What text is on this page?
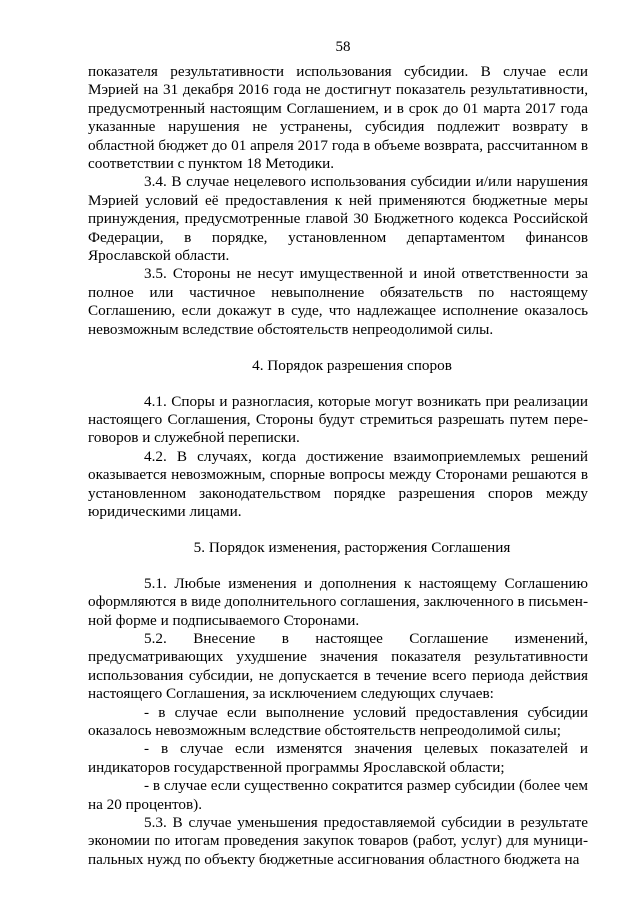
58

показателя результативности использования субсидии. В случае если Мэрией на 31 декабря 2016 года не достигнут показатель результативности, предусмотренный настоящим Соглашением, и в срок до 01 марта 2017 года указанные нарушения не устранены, субсидия подлежит возврату в областной бюджет до 01 апреля 2017 года в объеме возврата, рассчитанном в соответствии с пунктом 18 Методики.

3.4. В случае нецелевого использования субсидии и/или нарушения Мэрией условий её предоставления к ней применяются бюджетные меры принуждения, предусмотренные главой 30 Бюджетного кодекса Российской Федерации, в порядке, установленном департаментом финансов Ярославской области.

3.5. Стороны не несут имущественной и иной ответственности за полное или частичное невыполнение обязательств по настоящему Соглашению, если докажут в суде, что надлежащее исполнение оказалось невозможным вследствие обстоятельств непреодолимой силы.

4. Порядок разрешения споров

4.1. Споры и разногласия, которые могут возникать при реализации настоящего Соглашения, Стороны будут стремиться разрешать путем переговоров и служебной переписки.

4.2. В случаях, когда достижение взаимоприемлемых решений оказывается невозможным, спорные вопросы между Сторонами решаются в установленном законодательством порядке разрешения споров между юридическими лицами.

5. Порядок изменения, расторжения Соглашения

5.1. Любые изменения и дополнения к настоящему Соглашению оформляются в виде дополнительного соглашения, заключенного в письменной форме и подписываемого Сторонами.

5.2. Внесение в настоящее Соглашение изменений, предусматривающих ухудшение значения показателя результативности использования субсидии, не допускается в течение всего периода действия настоящего Соглашения, за исключением следующих случаев:

- в случае если выполнение условий предоставления субсидии оказалось невозможным вследствие обстоятельств непреодолимой силы;

- в случае если изменятся значения целевых показателей и индикаторов государственной программы Ярославской области;

- в случае если существенно сократится размер субсидии (более чем на 20 процентов).

5.3. В случае уменьшения предоставляемой субсидии в результате экономии по итогам проведения закупок товаров (работ, услуг) для муниципальных нужд по объекту бюджетные ассигнования областного бюджета на
